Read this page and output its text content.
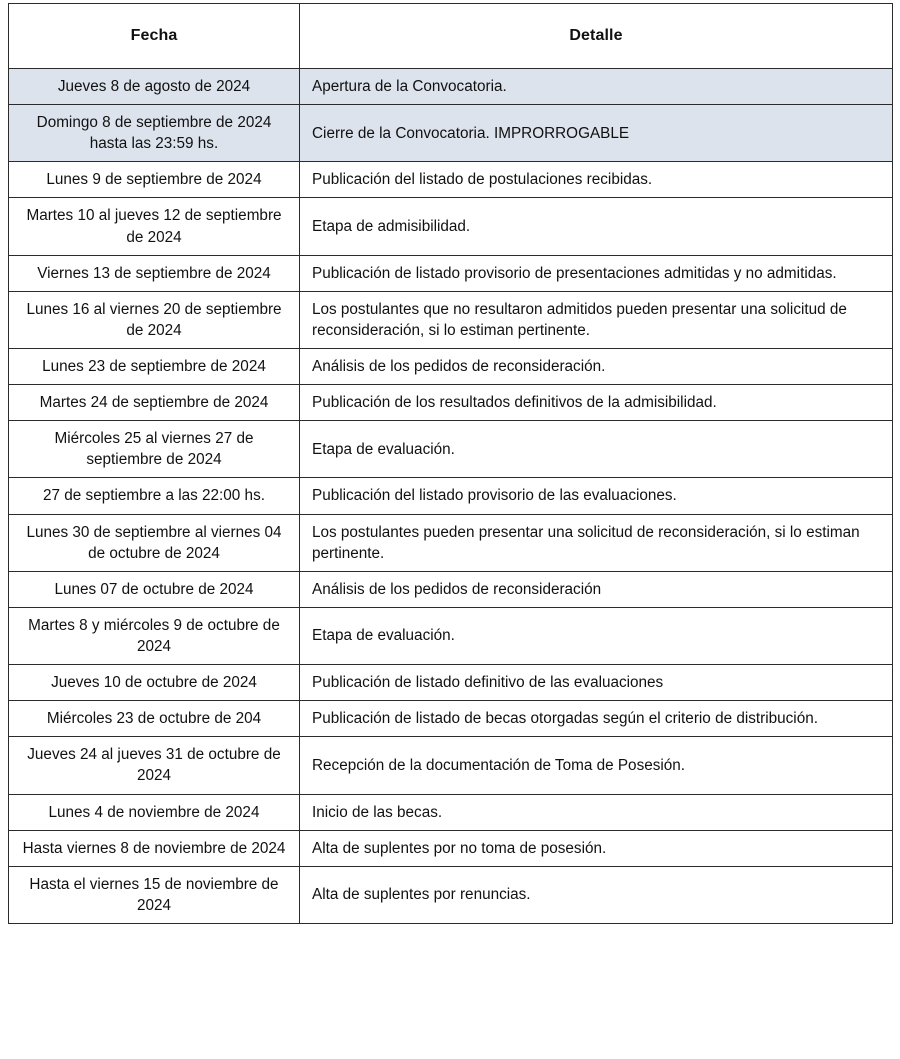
Fecha	Detalle
Jueves 8 de agosto de 2024	Apertura de la Convocatoria.
Domingo 8 de septiembre de 2024 hasta las 23:59 hs.	Cierre de la Convocatoria. IMPRORROGABLE
Lunes 9 de septiembre de 2024	Publicación del listado de postulaciones recibidas.
Martes 10 al jueves 12 de septiembre de 2024	Etapa de admisibilidad.
Viernes 13 de septiembre de 2024	Publicación de listado provisorio de presentaciones admitidas y no admitidas.
Lunes 16 al viernes 20 de septiembre de 2024	Los postulantes que no resultaron admitidos pueden presentar una solicitud de reconsideración, si lo estiman pertinente.
Lunes 23 de septiembre de 2024	Análisis de los pedidos de reconsideración.
Martes 24 de septiembre de 2024	Publicación de los resultados definitivos de la admisibilidad.
Miércoles 25 al viernes 27 de septiembre de 2024	Etapa de evaluación.
27 de septiembre a las 22:00 hs.	Publicación del listado provisorio de las evaluaciones.
Lunes 30 de septiembre al viernes 04 de octubre de 2024	Los postulantes pueden presentar una solicitud de reconsideración, si lo estiman pertinente.
Lunes 07 de octubre de 2024	Análisis de los pedidos de reconsideración
Martes 8 y miércoles 9 de octubre de 2024	Etapa de evaluación.
Jueves 10 de octubre de 2024	Publicación de listado definitivo de las evaluaciones
Miércoles 23 de octubre de 204	Publicación de listado de becas otorgadas según el criterio de distribución.
Jueves 24 al jueves 31 de octubre de 2024	Recepción de la documentación de Toma de Posesión.
Lunes 4 de noviembre de 2024	Inicio de las becas.
Hasta viernes 8 de noviembre de 2024	Alta de suplentes por no toma de posesión.
Hasta el viernes 15 de noviembre de 2024	Alta de suplentes por renuncias.
